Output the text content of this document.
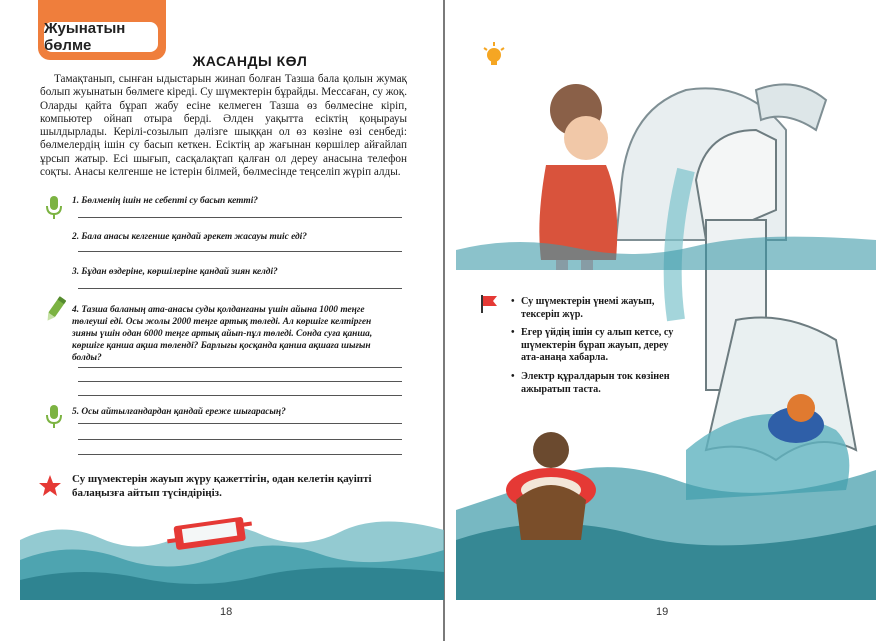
Жуынатын бөлме
ЖАСАНДЫ КӨЛ

Тамақтанып, сынған ыдыстарын жинап болған Тазша бала қолын жумақ болып жуынатын бөлмеге кіреді. Су шүмектерін бұрайды. Мессаған, су жоқ. Оларды қайта бұрап жабу есіне келмеген Тазша өз бөлмесіне кіріп, компьютер ойнап отыра берді. Әлден уақытта есіктің қоңырауы шылдырлады. Керілі-созылып дәлізге шыққан ол өз көзіне өзі сенбеді: бөлмелердің ішін су басып кеткен. Есіктің ар жағынан көршілер айғайлап ұрсып жатыр. Есі шығып, сасқалақтап қалған ол дереу анасына телефон соқты. Анасы келгенше не істерін білмей, бөлмесінде теңселіп жүріп алды.

1. Бөлменің ішін не себепті су басып кетті?

2. Бала анасы келгенше қандай әрекет жасауы тиіс еді?

3. Бұдан өздеріне, көршілеріне қандай зиян келді?

4. Тазша баланың ата-анасы суды қолданғаны үшін айына 1000 теңге төлеуші еді. Осы жолы 2000 теңге артық төледі. Ал көршіге келтірген зияны үшін одан 6000 теңге артық айып-пұл төледі. Сонда суға қанша, көршіге қанша ақша төленді? Барлығы қосқанда қанша ақшаға шығын болды?

5. Осы айтылғандардан қандай ереже шығарасың?

Су шүмектерін жауып жүру қажеттігін, одан келетін қауіпті балаңызға айтып түсіндіріңіз.

18
• Су шүмектерін үнемі жауып, тексеріп жүр.
• Егер үйдің ішін су алып кетсе, су шүмектерін бұрап жауып, дереу ата-анаңа хабарла.
• Электр құралдарын ток көзінен ажыратып таста.
19
